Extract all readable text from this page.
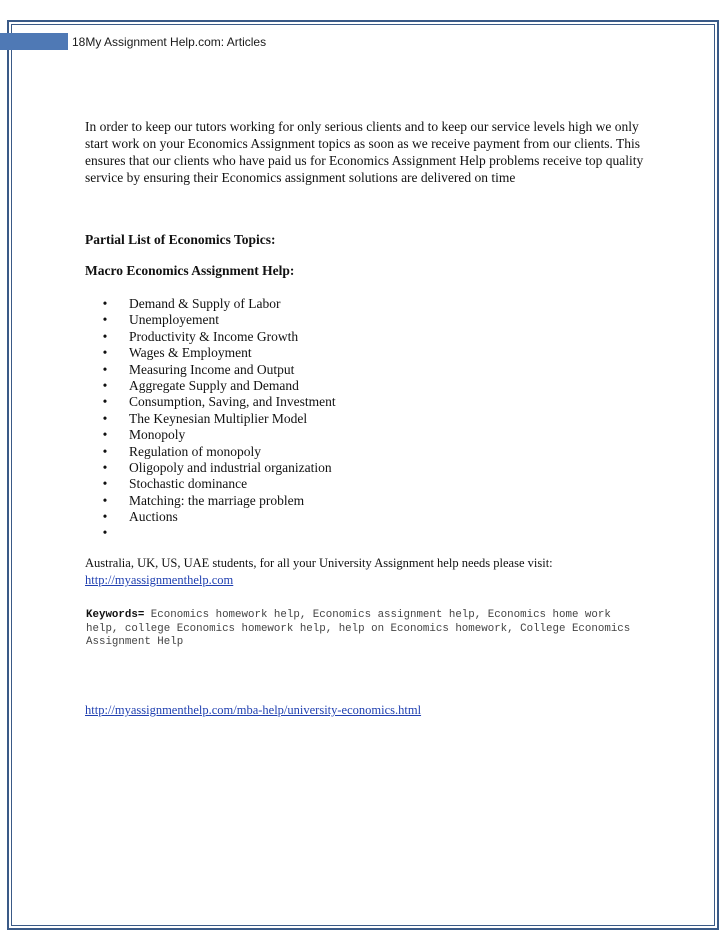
18My Assignment Help.com: Articles

In order to keep our tutors working for only serious clients and to keep our service levels high we only start work on your Economics Assignment topics as soon as we receive payment from our clients. This ensures that our clients who have paid us for Economics Assignment Help problems receive top quality service by ensuring their Economics assignment solutions are delivered on time

Partial List of Economics Topics:
Macro Economics Assignment Help:
• Demand & Supply of Labor
• Unemployement
• Productivity & Income Growth
• Wages & Employment
• Measuring Income and Output
• Aggregate Supply and Demand
• Consumption, Saving, and Investment
• The Keynesian Multiplier Model
• Monopoly
• Regulation of monopoly
• Oligopoly and industrial organization
• Stochastic dominance
• Matching: the marriage problem
• Auctions
•
Australia, UK, US, UAE students, for all your University Assignment help needs please visit:
http://myassignmenthelp.com
Keywords= Economics homework help, Economics assignment help, Economics home work help, college Economics homework help, help on Economics homework, College Economics Assignment Help
http://myassignmenthelp.com/mba-help/university-economics.html
